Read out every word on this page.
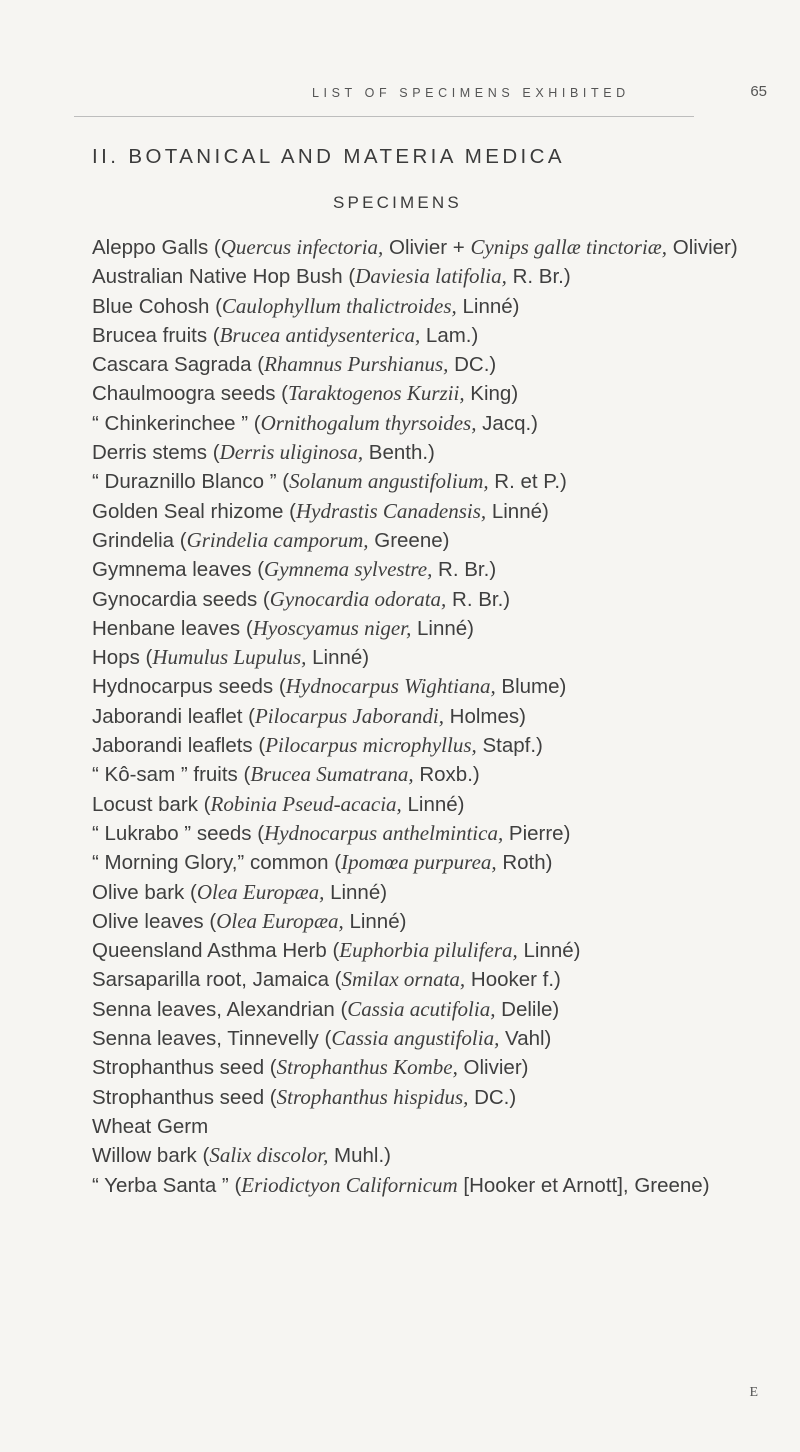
LIST OF SPECIMENS EXHIBITED	65
II. BOTANICAL AND MATERIA MEDICA
SPECIMENS
Aleppo Galls (Quercus infectoria, Olivier + Cynips gallæ tinctoriæ, Olivier)
Australian Native Hop Bush (Daviesia latifolia, R. Br.)
Blue Cohosh (Caulophyllum thalictroides, Linné)
Brucea fruits (Brucea antidysenterica, Lam.)
Cascara Sagrada (Rhamnus Purshianus, DC.)
Chaulmoogra seeds (Taraktogenos Kurzii, King)
“ Chinkerinchee ” (Ornithogalum thyrsoides, Jacq.)
Derris stems (Derris uliginosa, Benth.)
“ Duraznillo Blanco ” (Solanum angustifolium, R. et P.)
Golden Seal rhizome (Hydrastis Canadensis, Linné)
Grindelia (Grindelia camporum, Greene)
Gymnema leaves (Gymnema sylvestre, R. Br.)
Gynocardia seeds (Gynocardia odorata, R. Br.)
Henbane leaves (Hyoscyamus niger, Linné)
Hops (Humulus Lupulus, Linné)
Hydnocarpus seeds (Hydnocarpus Wightiana, Blume)
Jaborandi leaflet (Pilocarpus Jaborandi, Holmes)
Jaborandi leaflets (Pilocarpus microphyllus, Stapf.)
“ Kô-sam ” fruits (Brucea Sumatrana, Roxb.)
Locust bark (Robinia Pseud-acacia, Linné)
“ Lukrabo ” seeds (Hydnocarpus anthelmintica, Pierre)
“ Morning Glory,” common (Ipomœa purpurea, Roth)
Olive bark (Olea Europæa, Linné)
Olive leaves (Olea Europæa, Linné)
Queensland Asthma Herb (Euphorbia pilulifera, Linné)
Sarsaparilla root, Jamaica (Smilax ornata, Hooker f.)
Senna leaves, Alexandrian (Cassia acutifolia, Delile)
Senna leaves, Tinnevelly (Cassia angustifolia, Vahl)
Strophanthus seed (Strophanthus Kombe, Olivier)
Strophanthus seed (Strophanthus hispidus, DC.)
Wheat Germ
Willow bark (Salix discolor, Muhl.)
“ Yerba Santa ” (Eriodictyon Californicum [Hooker et Arnott], Greene)
E
